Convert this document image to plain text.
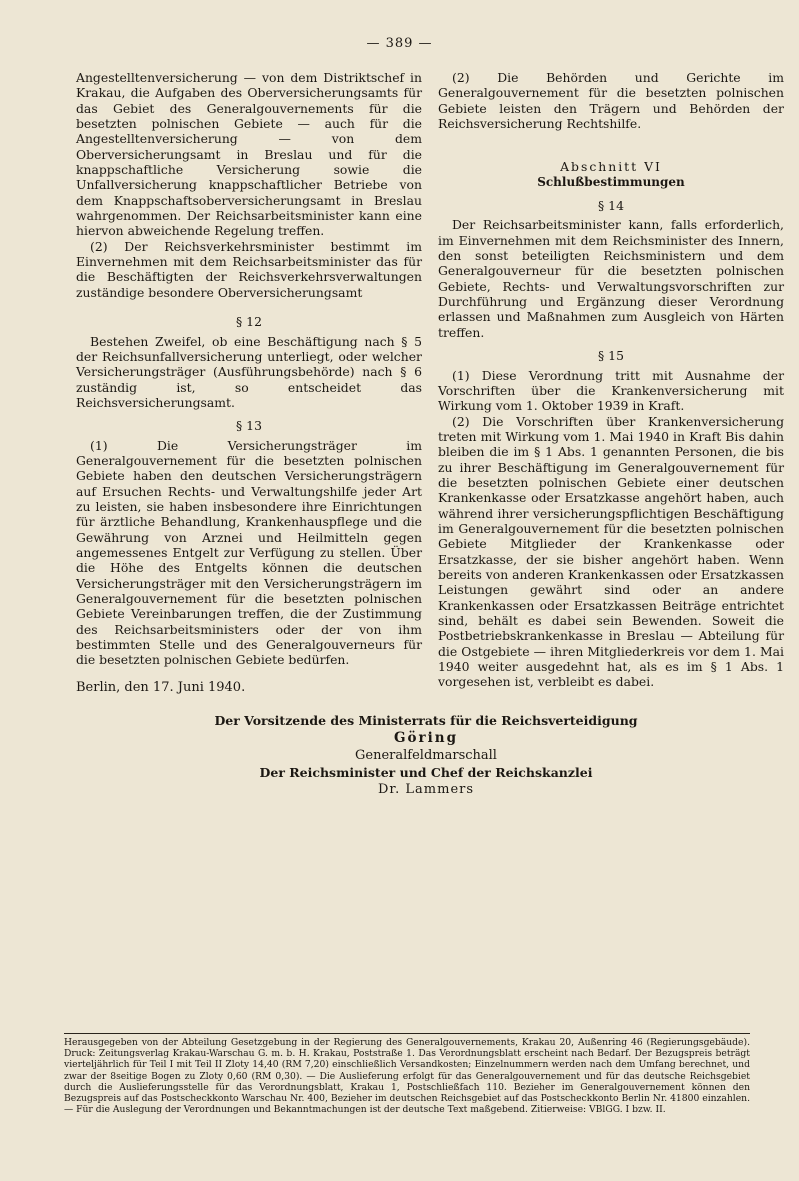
— 389 —

Angestelltenversicherung — von dem Distriktschef in Krakau, die Aufgaben des Oberversicherungsamts für das Gebiet des Generalgouvernements für die besetzten polnischen Gebiete — auch für die Angestelltenversicherung — von dem Oberversicherungsamt in Breslau und für die knappschaftliche Versicherung sowie die Unfallversicherung knappschaftlicher Betriebe von dem Knappschaftsoberversicherungsamt in Breslau wahrgenommen. Der Reichsarbeitsminister kann eine hiervon abweichende Regelung treffen.

(2) Der Reichsverkehrsminister bestimmt im Einvernehmen mit dem Reichsarbeitsminister das für die Beschäftigten der Reichsverkehrsverwaltungen zuständige besondere Oberversicherungsamt

§ 12

Bestehen Zweifel, ob eine Beschäftigung nach § 5 der Reichsunfallversicherung unterliegt, oder welcher Versicherungsträger (Ausführungsbehörde) nach § 6 zuständig ist, so entscheidet das Reichsversicherungsamt.

§ 13

(1) Die Versicherungsträger im Generalgouvernement für die besetzten polnischen Gebiete haben den deutschen Versicherungsträgern auf Ersuchen Rechts- und Verwaltungshilfe jeder Art zu leisten, sie haben insbesondere ihre Einrichtungen für ärztliche Behandlung, Krankenhauspflege und die Gewährung von Arznei und Heilmitteln gegen angemessenes Entgelt zur Verfügung zu stellen. Über die Höhe des Entgelts können die deutschen Versicherungsträger mit den Versicherungsträgern im Generalgouvernement für die besetzten polnischen Gebiete Vereinbarungen treffen, die der Zustimmung des Reichsarbeitsministers oder der von ihm bestimmten Stelle und des Generalgouverneurs für die besetzten polnischen Gebiete bedürfen.

(2) Die Behörden und Gerichte im Generalgouvernement für die besetzten polnischen Gebiete leisten den Trägern und Behörden der Reichsversicherung Rechtshilfe.

Abschnitt VI

Schlußbestimmungen

§ 14

Der Reichsarbeitsminister kann, falls erforderlich, im Einvernehmen mit dem Reichsminister des Innern, den sonst beteiligten Reichsministern und dem Generalgouverneur für die besetzten polnischen Gebiete, Rechts- und Verwaltungsvorschriften zur Durchführung und Ergänzung dieser Verordnung erlassen und Maßnahmen zum Ausgleich von Härten treffen.

§ 15

(1) Diese Verordnung tritt mit Ausnahme der Vorschriften über die Krankenversicherung mit Wirkung vom 1. Oktober 1939 in Kraft.

(2) Die Vorschriften über Krankenversicherung treten mit Wirkung vom 1. Mai 1940 in Kraft Bis dahin bleiben die im § 1 Abs. 1 genannten Personen, die bis zu ihrer Beschäftigung im Generalgouvernement für die besetzten polnischen Gebiete einer deutschen Krankenkasse oder Ersatzkasse angehört haben, auch während ihrer versicherungspflichtigen Beschäftigung im Generalgouvernement für die besetzten polnischen Gebiete Mitglieder der Krankenkasse oder Ersatzkasse, der sie bisher angehört haben. Wenn bereits von anderen Krankenkassen oder Ersatzkassen Leistungen gewährt sind oder an andere Krankenkassen oder Ersatzkassen Beiträge entrichtet sind, behält es dabei sein Bewenden. Soweit die Postbetriebskrankenkasse in Breslau — Abteilung für die Ostgebiete — ihren Mitgliederkreis vor dem 1. Mai 1940 weiter ausgedehnt hat, als es im § 1 Abs. 1 vorgesehen ist, verbleibt es dabei.

Berlin, den 17. Juni 1940.

Der Vorsitzende des Ministerrats für die Reichsverteidigung

Göring

Generalfeldmarschall

Der Reichsminister und Chef der Reichskanzlei

Dr. Lammers

Herausgegeben von der Abteilung Gesetzgebung in der Regierung des Generalgouvernements, Krakau 20, Außenring 46 (Regierungsgebäude). Druck: Zeitungsverlag Krakau-Warschau G. m. b. H. Krakau, Poststraße 1. Das Verordnungsblatt erscheint nach Bedarf. Der Bezugspreis beträgt vierteljährlich für Teil I mit Teil II Zloty 14,40 (RM 7,20) einschließlich Versandkosten; Einzelnummern werden nach dem Umfang berechnet, und zwar der 8seitige Bogen zu Zloty 0,60 (RM 0,30). — Die Auslieferung erfolgt für das Generalgouvernement und für das deutsche Reichsgebiet durch die Auslieferungsstelle für das Verordnungsblatt, Krakau 1, Postschließfach 110. Bezieher im Generalgouvernement können den Bezugspreis auf das Postscheckkonto Warschau Nr. 400, Bezieher im deutschen Reichsgebiet auf das Postscheckkonto Berlin Nr. 41800 einzahlen. — Für die Auslegung der Verordnungen und Bekanntmachungen ist der deutsche Text maßgebend. Zitierweise: VBlGG. I bzw. II.
